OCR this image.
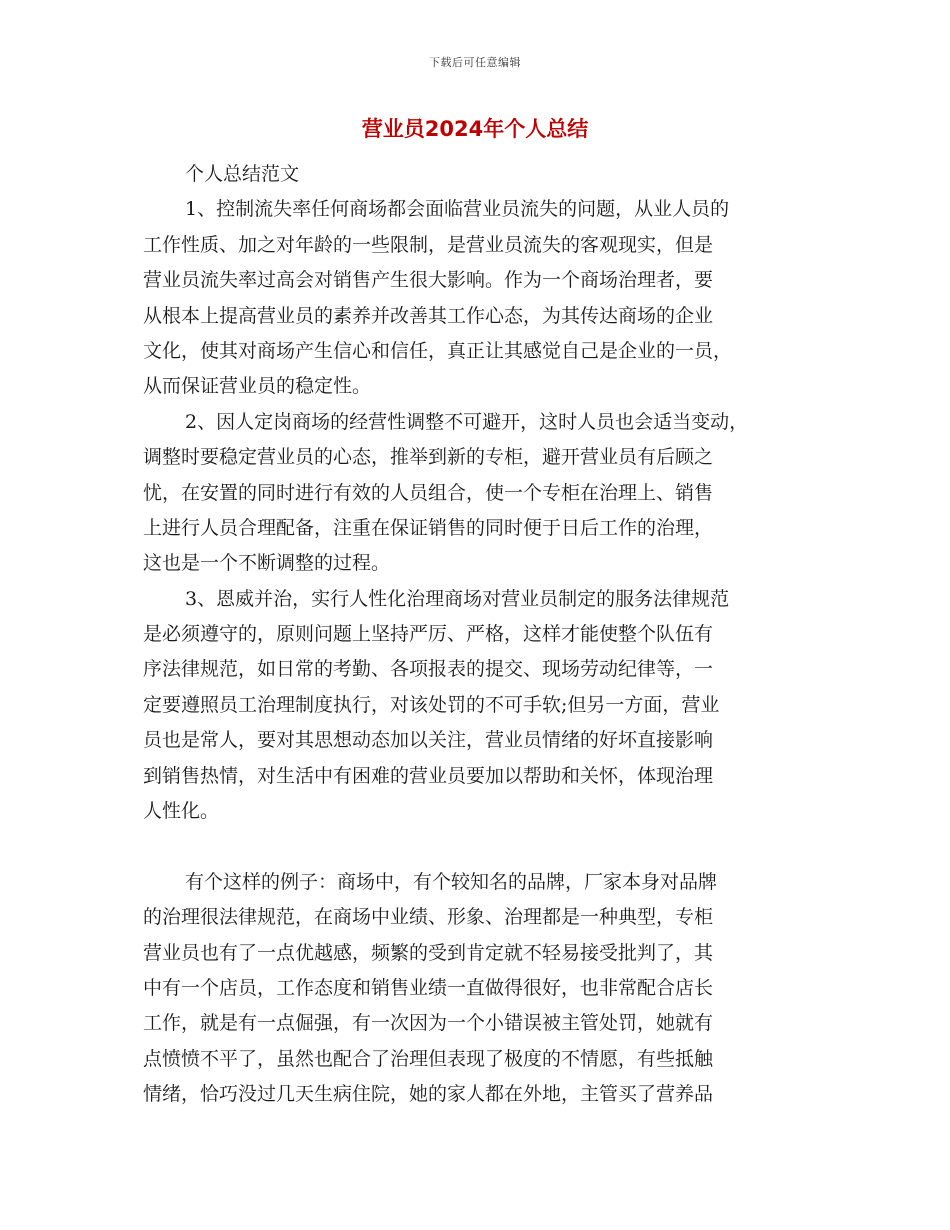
下载后可任意编辑
营业员2024年个人总结
个人总结范文
1、控制流失率任何商场都会面临营业员流失的问题，从业人员的
工作性质、加之对年龄的一些限制，是营业员流失的客观现实，但是
营业员流失率过高会对销售产生很大影响。作为一个商场治理者，要
从根本上提高营业员的素养并改善其工作心态，为其传达商场的企业
文化，使其对商场产生信心和信任，真正让其感觉自己是企业的一员，
从而保证营业员的稳定性。
2、因人定岗商场的经营性调整不可避开，这时人员也会适当变动，
调整时要稳定营业员的心态，推举到新的专柜，避开营业员有后顾之
忧，在安置的同时进行有效的人员组合，使一个专柜在治理上、销售
上进行人员合理配备，注重在保证销售的同时便于日后工作的治理，
这也是一个不断调整的过程。
3、恩威并治，实行人性化治理商场对营业员制定的服务法律规范
是必须遵守的，原则问题上坚持严厉、严格，这样才能使整个队伍有
序法律规范，如日常的考勤、各项报表的提交、现场劳动纪律等，一
定要遵照员工治理制度执行，对该处罚的不可手软;但另一方面，营业
员也是常人，要对其思想动态加以关注，营业员情绪的好坏直接影响
到销售热情，对生活中有困难的营业员要加以帮助和关怀，体现治理
人性化。
有个这样的例子：商场中，有个较知名的品牌，厂家本身对品牌
的治理很法律规范，在商场中业绩、形象、治理都是一种典型，专柜
营业员也有了一点优越感，频繁的受到肯定就不轻易接受批判了，其
中有一个店员，工作态度和销售业绩一直做得很好，也非常配合店长
工作，就是有一点倔强，有一次因为一个小错误被主管处罚，她就有
点愤愤不平了，虽然也配合了治理但表现了极度的不情愿，有些抵触
情绪，恰巧没过几天生病住院，她的家人都在外地，主管买了营养品
